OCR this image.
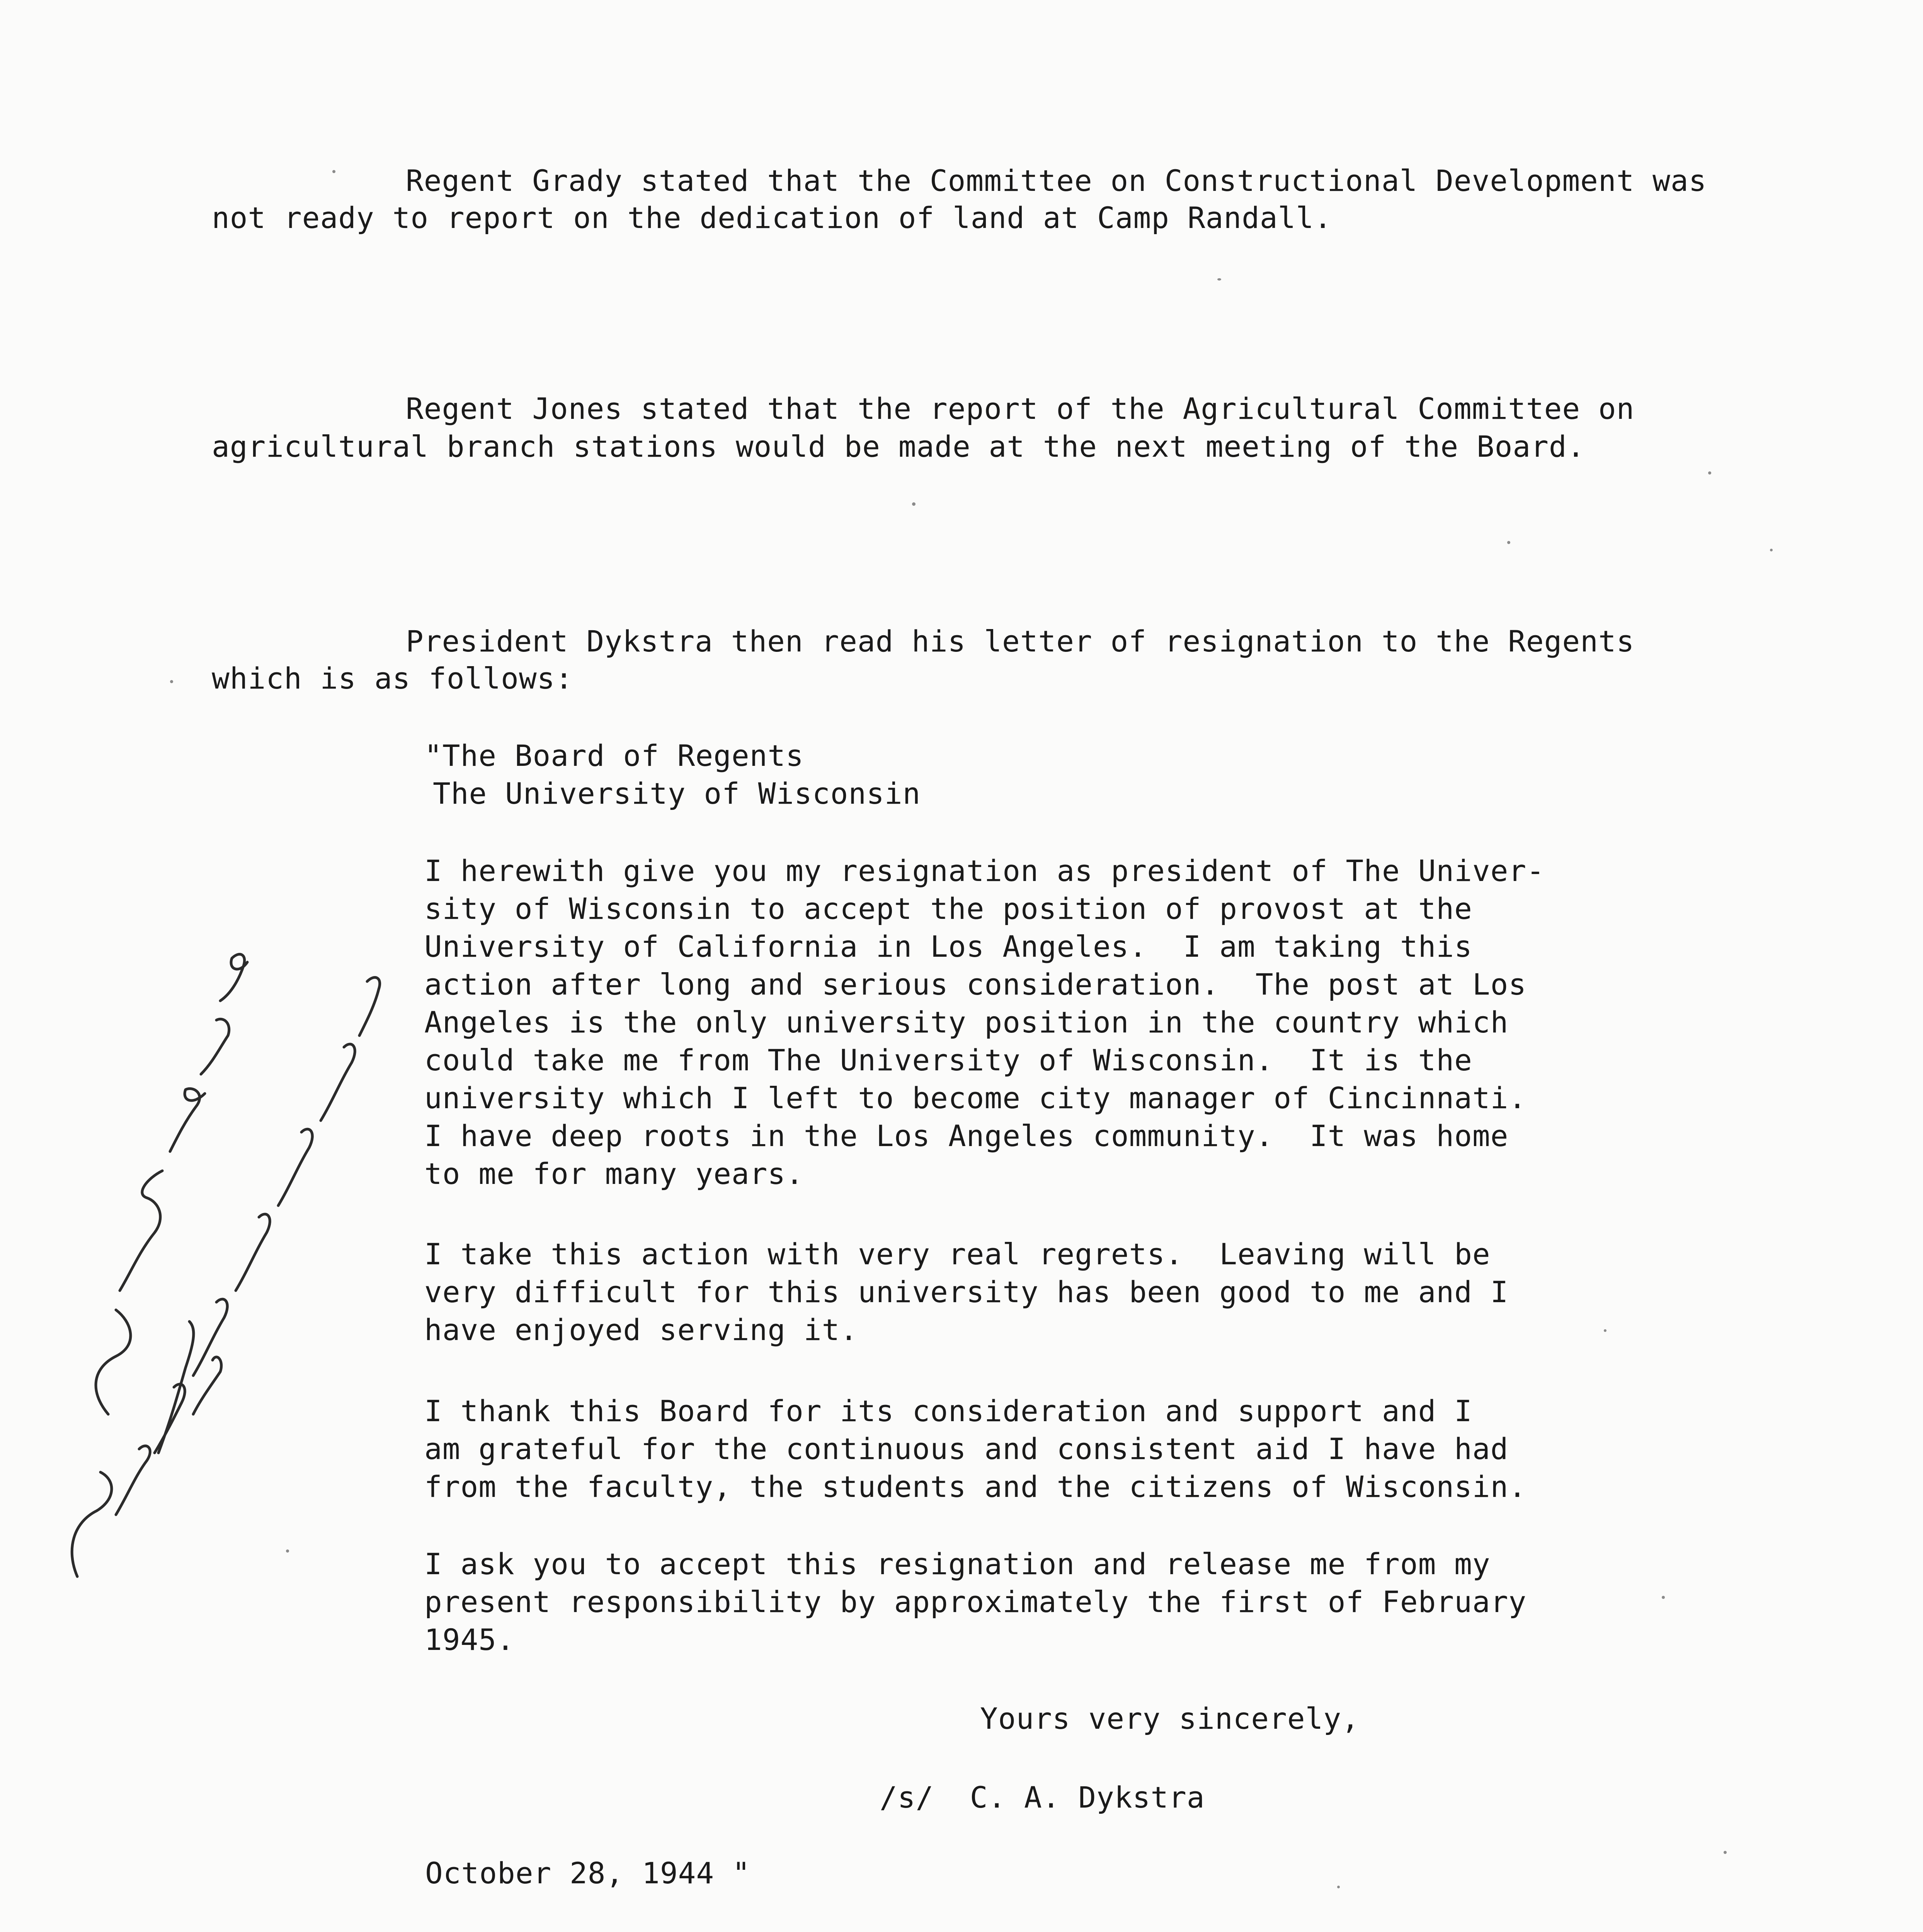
Regent Grady stated that the Committee on Constructional Development was
not ready to report on the dedication of land at Camp Randall.
Regent Jones stated that the report of the Agricultural Committee on
agricultural branch stations would be made at the next meeting of the Board.
President Dykstra then read his letter of resignation to the Regents
which is as follows:
"The Board of Regents
The University of Wisconsin
I herewith give you my resignation as president of The Univer-
sity of Wisconsin to accept the position of provost at the
University of California in Los Angeles.  I am taking this
action after long and serious consideration.  The post at Los
Angeles is the only university position in the country which
could take me from The University of Wisconsin.  It is the
university which I left to become city manager of Cincinnati.
I have deep roots in the Los Angeles community.  It was home
to me for many years.
I take this action with very real regrets.  Leaving will be
very difficult for this university has been good to me and I
have enjoyed serving it.
I thank this Board for its consideration and support and I
am grateful for the continuous and consistent aid I have had
from the faculty, the students and the citizens of Wisconsin.
I ask you to accept this resignation and release me from my
present responsibility by approximately the first of February
1945.
Yours very sincerely,
/s/  C. A. Dykstra
October 28, 1944 "
